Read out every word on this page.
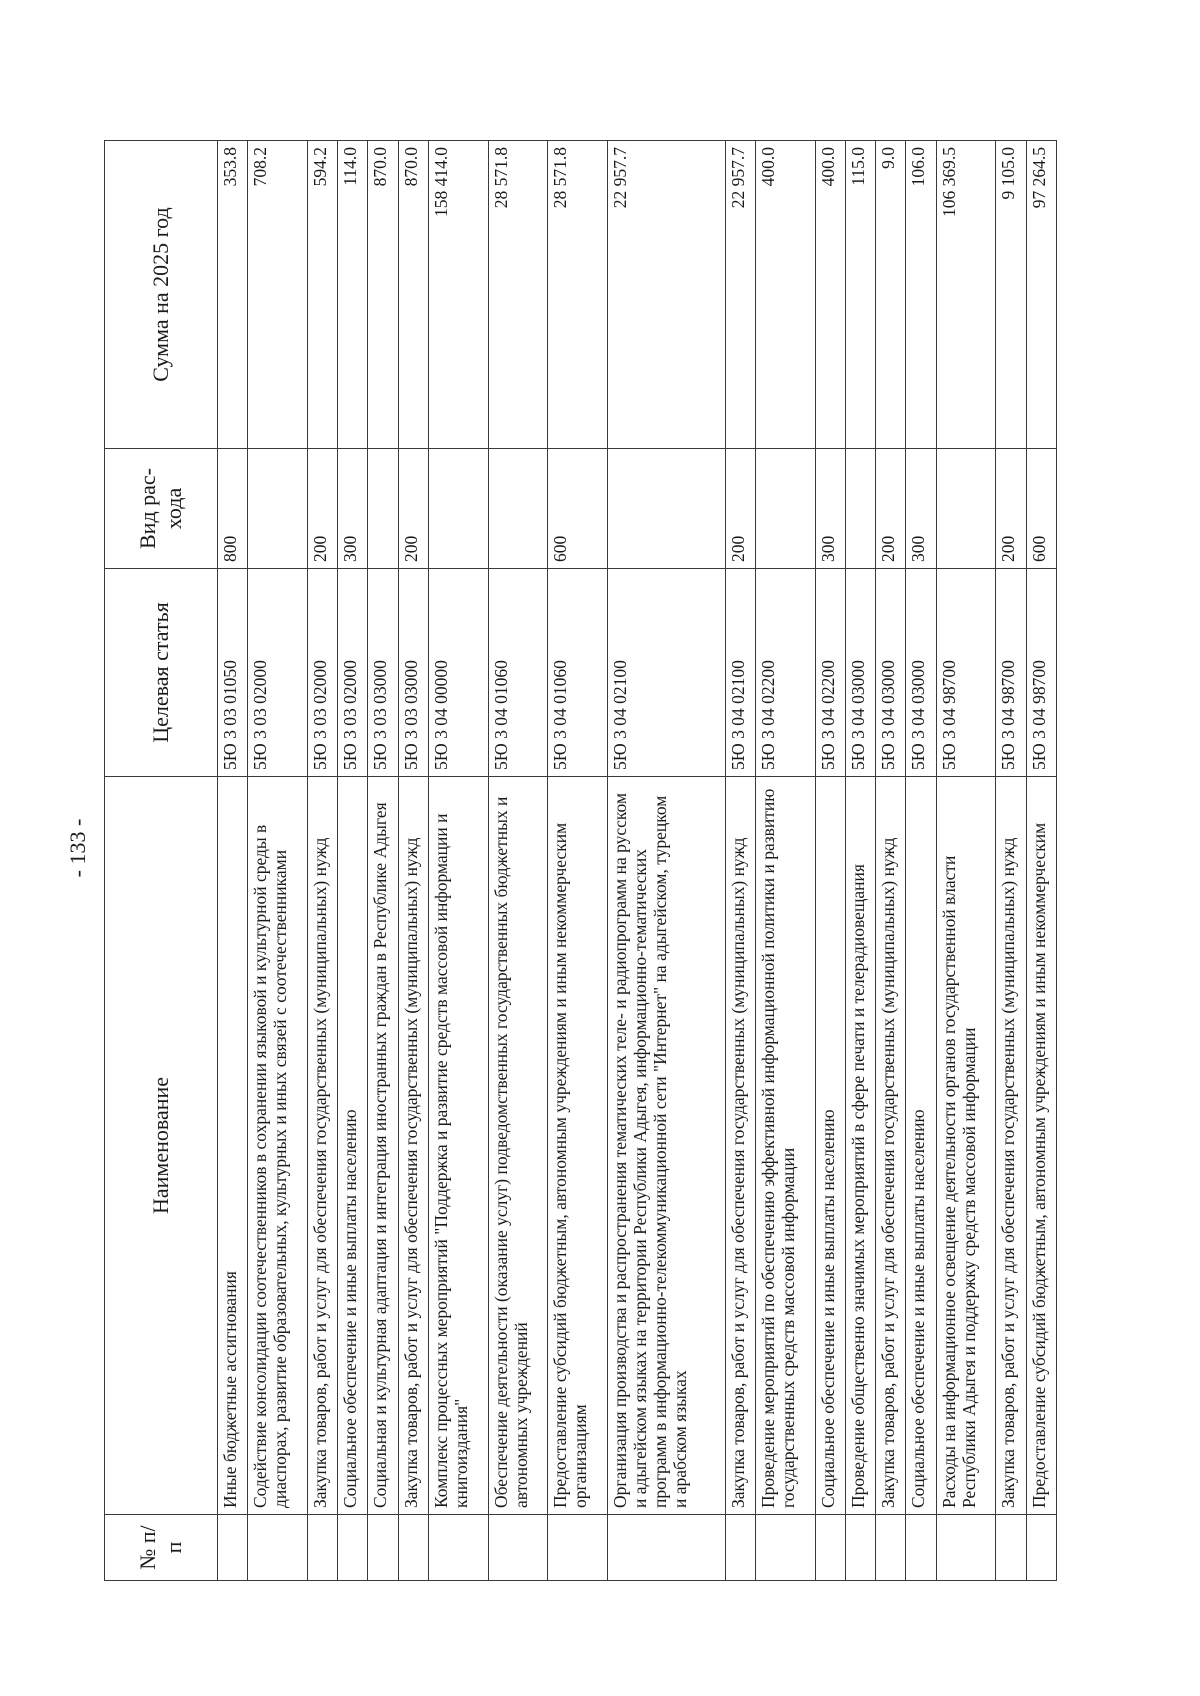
- 133 -
№ п/п	Наименование	Целевая статья	Вид рас-хода	Сумма на 2025 год
	Иные бюджетные ассигнования	5Ю 3 03 01050	800	353.8
	Содействие консолидации соотечественников в сохранении языковой и культурной среды в диаспорах, развитие образовательных, культурных и иных связей с соотечественниками	5Ю 3 03 02000		708.2
	Закупка товаров, работ и услуг для обеспечения государственных (муниципальных) нужд	5Ю 3 03 02000	200	594.2
	Социальное обеспечение и иные выплаты населению	5Ю 3 03 02000	300	114.0
	Социальная и культурная адаптация и интеграция иностранных граждан в Республике Адыгея	5Ю 3 03 03000		870.0
	Закупка товаров, работ и услуг для обеспечения государственных (муниципальных) нужд	5Ю 3 03 03000	200	870.0
	Комплекс процессных мероприятий "Поддержка и развитие средств массовой информации и книгоиздания"	5Ю 3 04 00000		158 414.0
	Обеспечение деятельности (оказание услуг) подведомственных государственных бюджетных и автономных учреждений	5Ю 3 04 01060		28 571.8
	Предоставление субсидий бюджетным, автономным учреждениям и иным некоммерческим организациям	5Ю 3 04 01060	600	28 571.8
	Организация производства и распространения тематических теле- и радиопрограмм на русском и адыгейском языках на территории Республики Адыгея, информационно-тематических программ в информационно-телекоммуникационной сети "Интернет" на адыгейском, турецком и арабском языках	5Ю 3 04 02100		22 957.7
	Закупка товаров, работ и услуг для обеспечения государственных (муниципальных) нужд	5Ю 3 04 02100	200	22 957.7
	Проведение мероприятий по обеспечению эффективной информационной политики и развитию государственных средств массовой информации	5Ю 3 04 02200		400.0
	Социальное обеспечение и иные выплаты населению	5Ю 3 04 02200	300	400.0
	Проведение общественно значимых мероприятий в сфере печати и телерадиовещания	5Ю 3 04 03000		115.0
	Закупка товаров, работ и услуг для обеспечения государственных (муниципальных) нужд	5Ю 3 04 03000	200	9.0
	Социальное обеспечение и иные выплаты населению	5Ю 3 04 03000	300	106.0
	Расходы на информационное освещение деятельности органов государственной власти Республики Адыгея и поддержку средств массовой информации	5Ю 3 04 98700		106 369.5
	Закупка товаров, работ и услуг для обеспечения государственных (муниципальных) нужд	5Ю 3 04 98700	200	9 105.0
	Предоставление субсидий бюджетным, автономным учреждениям и иным некоммерческим	5Ю 3 04 98700	600	97 264.5
